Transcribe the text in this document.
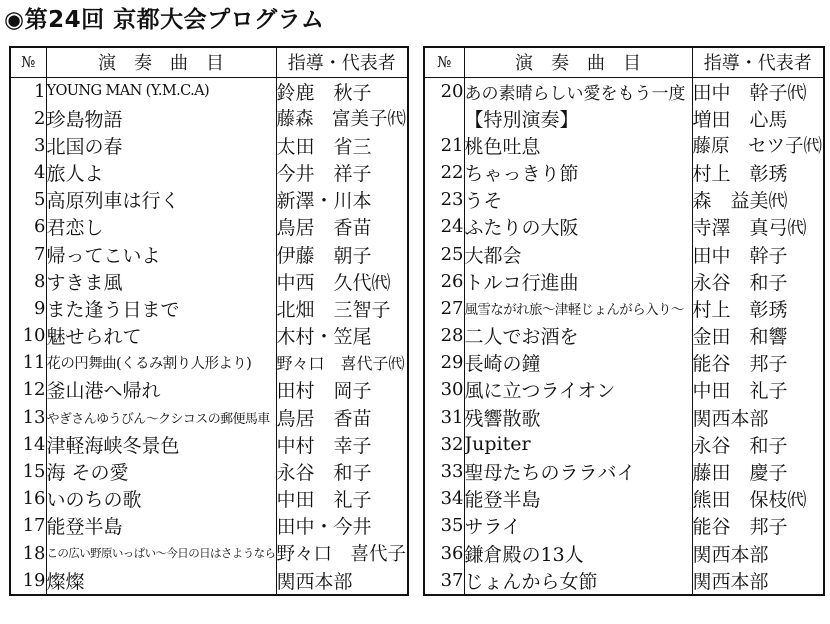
◉第24回 京都大会プログラム
№	演　奏　曲　目	指導・代表者
1	YOUNG MAN (Y.M.C.A)	鈴鹿　秋子
2	珍島物語	藤森　富美子㈹
3	北国の春	太田　省三
4	旅人よ	今井　祥子
5	高原列車は行く	新澤・川本
6	君恋し	鳥居　香苗
7	帰ってこいよ	伊藤　朝子
8	すきま風	中西　久代㈹
9	また逢う日まで	北畑　三智子
10	魅せられて	木村・笠尾
11	花の円舞曲(くるみ割り人形より)	野々口　喜代子㈹
12	釜山港へ帰れ	田村　岡子
13	やぎさんゆうびん～クシコスの郵便馬車	鳥居　香苗
14	津軽海峡冬景色	中村　幸子
15	海 その愛	永谷　和子
16	いのちの歌	中田　礼子
17	能登半島	田中・今井
18	この広い野原いっぱい～今日の日はさようなら	野々口　喜代子
19	燦燦	関西本部
№	演　奏　曲　目	指導・代表者
20	あの素晴らしい愛をもう一度	田中　幹子㈹
	【特別演奏】	増田　心馬
21	桃色吐息	藤原　セツ子㈹
22	ちゃっきり節	村上　彰琇
23	うそ	森　益美㈹
24	ふたりの大阪	寺澤　真弓㈹
25	大都会	田中　幹子
26	トルコ行進曲	永谷　和子
27	風雪ながれ旅～津軽じょんがら入り～	村上　彰琇
28	二人でお酒を	金田　和響
29	長崎の鐘	能谷　邦子
30	風に立つライオン	中田　礼子
31	残響散歌	関西本部
32	Jupiter	永谷　和子
33	聖母たちのララバイ	藤田　慶子
34	能登半島	熊田　保枝㈹
35	サライ	能谷　邦子
36	鎌倉殿の13人	関西本部
37	じょんから女節	関西本部
